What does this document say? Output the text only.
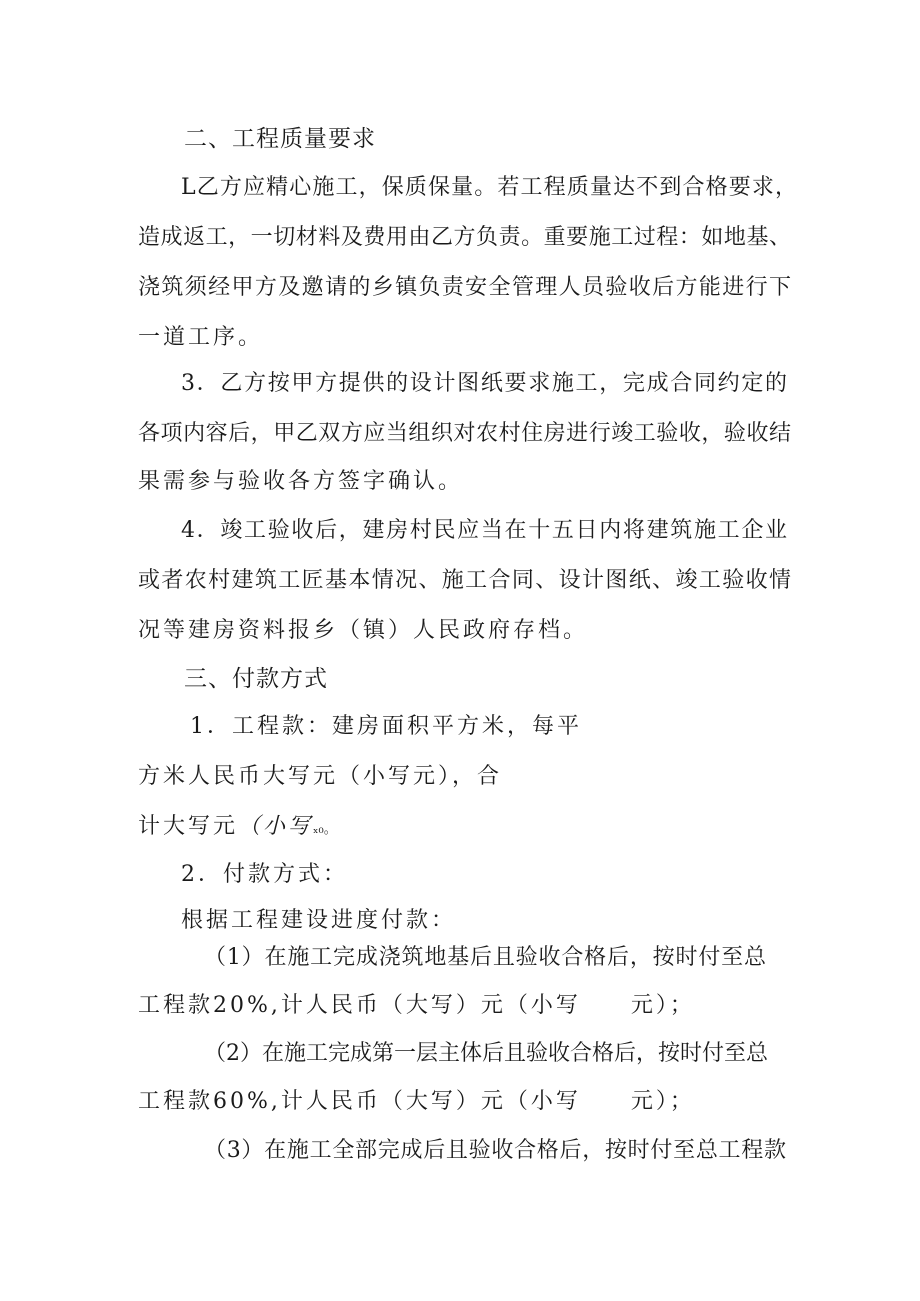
二、工程质量要求
L乙方应精心施工，保质保量。若工程质量达不到合格要求，
造成返工，一切材料及费用由乙方负责。重要施工过程：如地基、
浇筑须经甲方及邀请的乡镇负责安全管理人员验收后方能进行下
一道工序。
3．乙方按甲方提供的设计图纸要求施工，完成合同约定的
各项内容后，甲乙双方应当组织对农村住房进行竣工验收，验收结
果需参与验收各方签字确认。
4．竣工验收后，建房村民应当在十五日内将建筑施工企业
或者农村建筑工匠基本情况、施工合同、设计图纸、竣工验收情
况等建房资料报乡（镇）人民政府存档。
三、付款方式
1．工程款：建房面积平方米，每平
方米人民币大写元（小写元），合
计大写元（小写ₓ₀。
2．付款方式：
根据工程建设进度付款：
（1）在施工完成浇筑地基后且验收合格后，按时付至总
工程款20%,计人民币（大写）元（小写　　元）；
（2）在施工完成第一层主体后且验收合格后，按时付至总
工程款60%,计人民币（大写）元（小写　　元）；
（3）在施工全部完成后且验收合格后，按时付至总工程款
